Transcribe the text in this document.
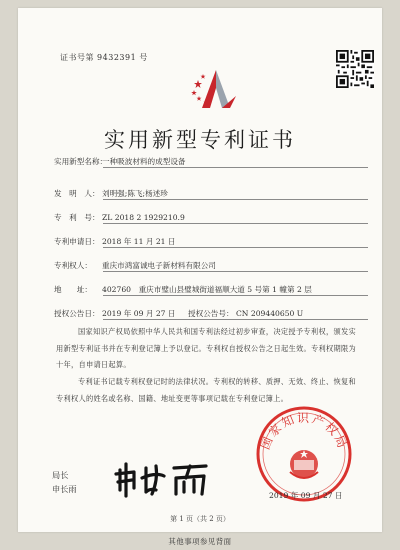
证书号第 9432391 号
实用新型专利证书
实用新型名称：一种吸波材料的成型设备
发　明　人： 刘明强;陈飞;杨述珍
专　利　号： ZL 2018 2 1929210.9
专利申请日： 2018 年 11 月 21 日
专利权人： 重庆市鸿富诚电子新材料有限公司
地　　址： 402760　重庆市璧山县璧城街道福顺大道 5 号第 1 幢第 2 层
授权公告日： 2019 年 09 月 27 日 授权公告号： CN 209440650 U
国家知识产权局依照中华人民共和国专利法经过初步审查，决定授予专利权，颁发实用新型专利证书并在专利登记簿上予以登记。专利权自授权公告之日起生效。专利权期限为十年，自申请日起算。
专利证书记载专利权登记时的法律状况。专利权的转移、质押、无效、终止、恢复和专利权人的姓名或名称、国籍、地址变更等事项记载在专利登记簿上。
国家知识产权局
2019 年 09 月 27 日
局长
申长雨
第 1 页（共 2 页）
其他事项参见背面
